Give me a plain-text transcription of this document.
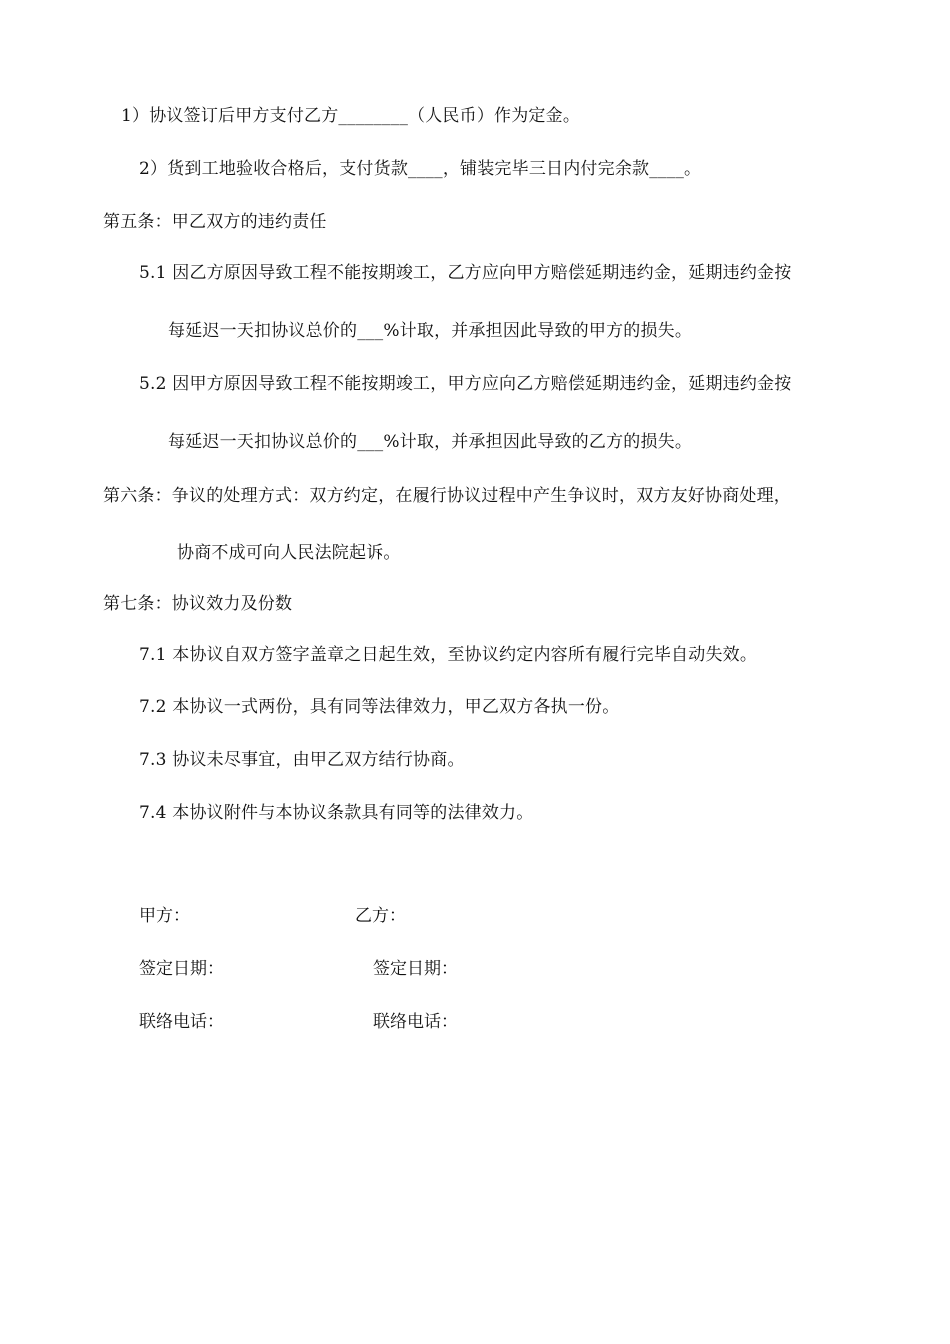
1）协议签订后甲方支付乙方________（人民币）作为定金。
2）货到工地验收合格后，支付货款____，铺装完毕三日内付完余款____。
第五条：甲乙双方的违约责任
5.1 因乙方原因导致工程不能按期竣工，乙方应向甲方赔偿延期违约金，延期违约金按
每延迟一天扣协议总价的___%计取，并承担因此导致的甲方的损失。
5.2 因甲方原因导致工程不能按期竣工，甲方应向乙方赔偿延期违约金，延期违约金按
每延迟一天扣协议总价的___%计取，并承担因此导致的乙方的损失。
第六条：争议的处理方式：双方约定，在履行协议过程中产生争议时，双方友好协商处理，
协商不成可向人民法院起诉。
第七条：协议效力及份数
7.1 本协议自双方签字盖章之日起生效，至协议约定内容所有履行完毕自动失效。
7.2 本协议一式两份，具有同等法律效力，甲乙双方各执一份。
7.3 协议未尽事宜，由甲乙双方结行协商。
7.4 本协议附件与本协议条款具有同等的法律效力。
甲方：	乙方：
签定日期：	签定日期：
联络电话：	联络电话：
